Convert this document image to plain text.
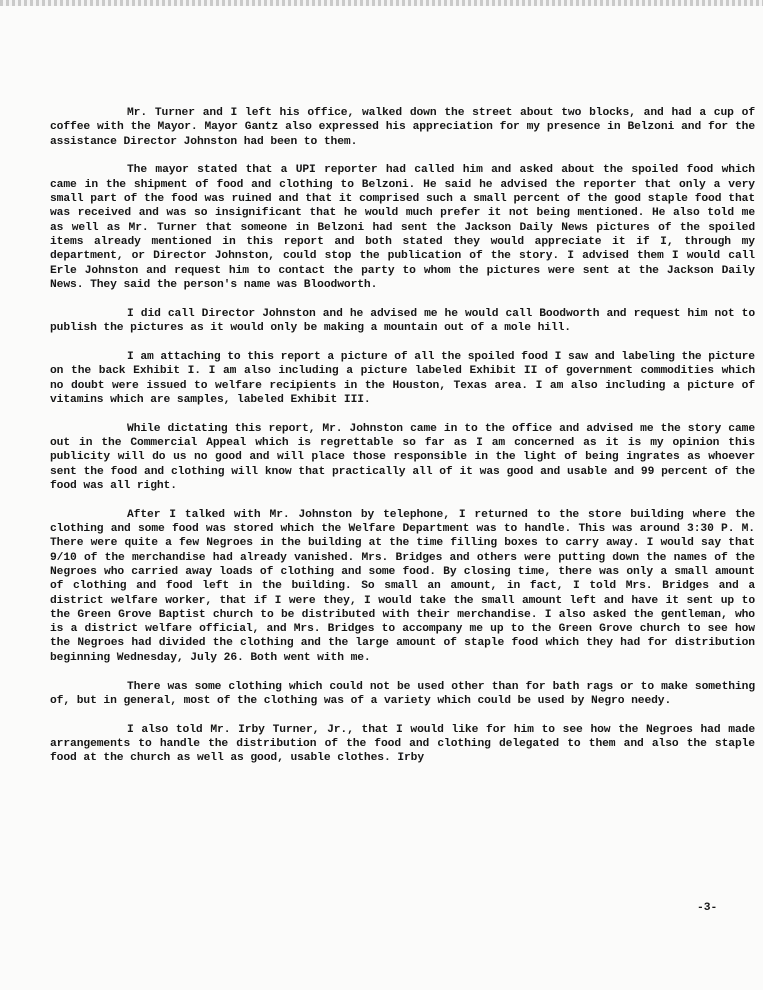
Mr. Turner and I left his office, walked down the street about two blocks, and had a cup of coffee with the Mayor. Mayor Gantz also expressed his appreciation for my presence in Belzoni and for the assistance Director Johnston had been to them.

The mayor stated that a UPI reporter had called him and asked about the spoiled food which came in the shipment of food and clothing to Belzoni. He said he advised the reporter that only a very small part of the food was ruined and that it comprised such a small percent of the good staple food that was received and was so insignificant that he would much prefer it not being mentioned. He also told me as well as Mr. Turner that someone in Belzoni had sent the Jackson Daily News pictures of the spoiled items already mentioned in this report and both stated they would appreciate it if I, through my department, or Director Johnston, could stop the publication of the story. I advised them I would call Erle Johnston and request him to contact the party to whom the pictures were sent at the Jackson Daily News. They said the person's name was Bloodworth.

I did call Director Johnston and he advised me he would call Boodworth and request him not to publish the pictures as it would only be making a mountain out of a mole hill.

I am attaching to this report a picture of all the spoiled food I saw and labeling the picture on the back Exhibit I. I am also including a picture labeled Exhibit II of government commodities which no doubt were issued to welfare recipients in the Houston, Texas area. I am also including a picture of vitamins which are samples, labeled Exhibit III.

While dictating this report, Mr. Johnston came in to the office and advised me the story came out in the Commercial Appeal which is regrettable so far as I am concerned as it is my opinion this publicity will do us no good and will place those responsible in the light of being ingrates as whoever sent the food and clothing will know that practically all of it was good and usable and 99 percent of the food was all right.

After I talked with Mr. Johnston by telephone, I returned to the store building where the clothing and some food was stored which the Welfare Department was to handle. This was around 3:30 P. M. There were quite a few Negroes in the building at the time filling boxes to carry away. I would say that 9/10 of the merchandise had already vanished. Mrs. Bridges and others were putting down the names of the Negroes who carried away loads of clothing and some food. By closing time, there was only a small amount of clothing and food left in the building. So small an amount, in fact, I told Mrs. Bridges and a district welfare worker, that if I were they, I would take the small amount left and have it sent up to the Green Grove Baptist church to be distributed with their merchandise. I also asked the gentleman, who is a district welfare official, and Mrs. Bridges to accompany me up to the Green Grove church to see how the Negroes had divided the clothing and the large amount of staple food which they had for distribution beginning Wednesday, July 26. Both went with me.

There was some clothing which could not be used other than for bath rags or to make something of, but in general, most of the clothing was of a variety which could be used by Negro needy.

I also told Mr. Irby Turner, Jr., that I would like for him to see how the Negroes had made arrangements to handle the distribution of the food and clothing delegated to them and also the staple food at the church as well as good, usable clothes. Irby

-3-
